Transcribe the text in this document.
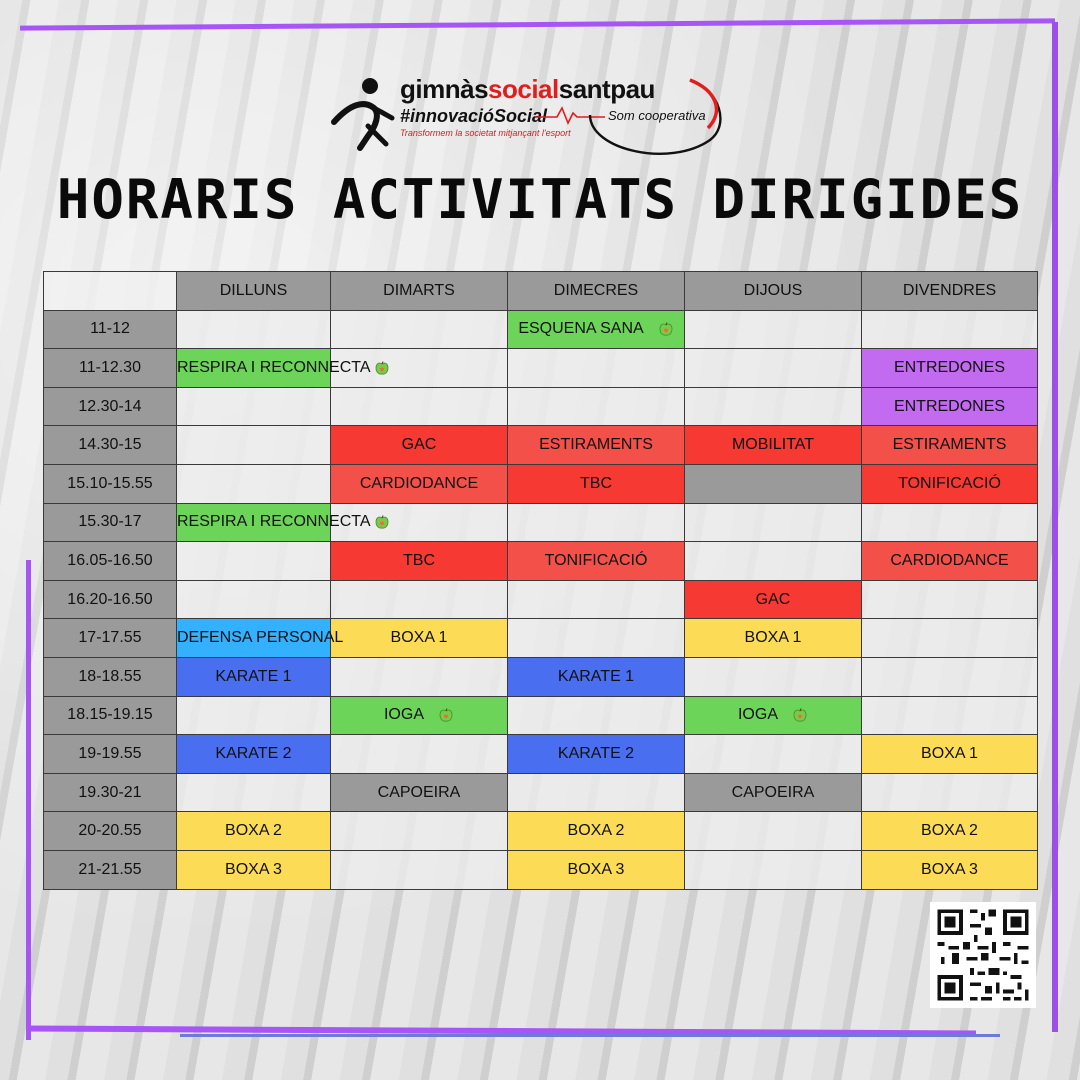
gimnàssocialsantpau
#innovacióSocial
Transformem la societat mitjançant l'esport
Som cooperativa
HORARIS ACTIVITATS DIRIGIDES
	DILLUNS	DIMARTS	DIMECRES	DIJOUS	DIVENDRES
11-12			ESQUENA SANA		
11-12.30	RESPIRA I RECONNECTA				ENTREDONES
12.30-14					ENTREDONES
14.30-15		GAC	ESTIRAMENTS	MOBILITAT	ESTIRAMENTS
15.10-15.55		CARDIODANCE	TBC		TONIFICACIÓ
15.30-17	RESPIRA I RECONNECTA				
16.05-16.50		TBC	TONIFICACIÓ		CARDIODANCE
16.20-16.50				GAC	
17-17.55	DEFENSA PERSONAL	BOXA 1		BOXA 1	
18-18.55	KARATE 1		KARATE 1		
18.15-19.15		IOGA		IOGA	
19-19.55	KARATE 2		KARATE 2		BOXA 1
19.30-21		CAPOEIRA		CAPOEIRA	
20-20.55	BOXA 2		BOXA 2		BOXA 2
21-21.55	BOXA 3		BOXA 3		BOXA 3
